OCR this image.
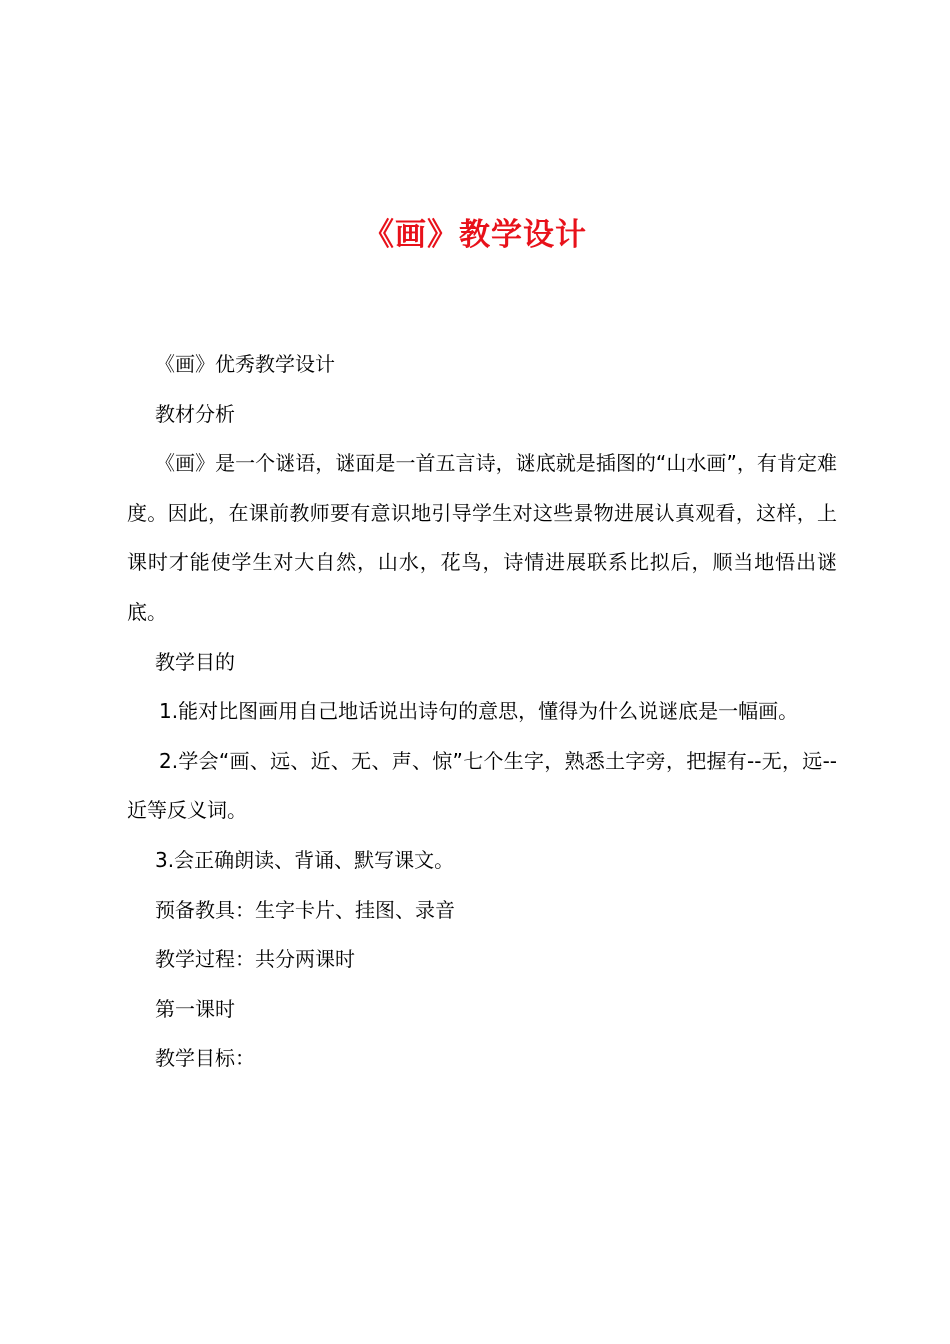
《画》教学设计

《画》优秀教学设计

教材分析

《画》是一个谜语，谜面是一首五言诗，谜底就是插图的“山水画”，有肯定难度。因此，在课前教师要有意识地引导学生对这些景物进展认真观看，这样，上课时才能使学生对大自然，山水，花鸟，诗情进展联系比拟后，顺当地悟出谜底。

教学目的

1.能对比图画用自己地话说出诗句的意思，懂得为什么说谜底是一幅画。

2.学会“画、远、近、无、声、惊”七个生字，熟悉土字旁，把握有--无，远--近等反义词。

3.会正确朗读、背诵、默写课文。

预备教具：生字卡片、挂图、录音

教学过程：共分两课时

第一课时

教学目标：
